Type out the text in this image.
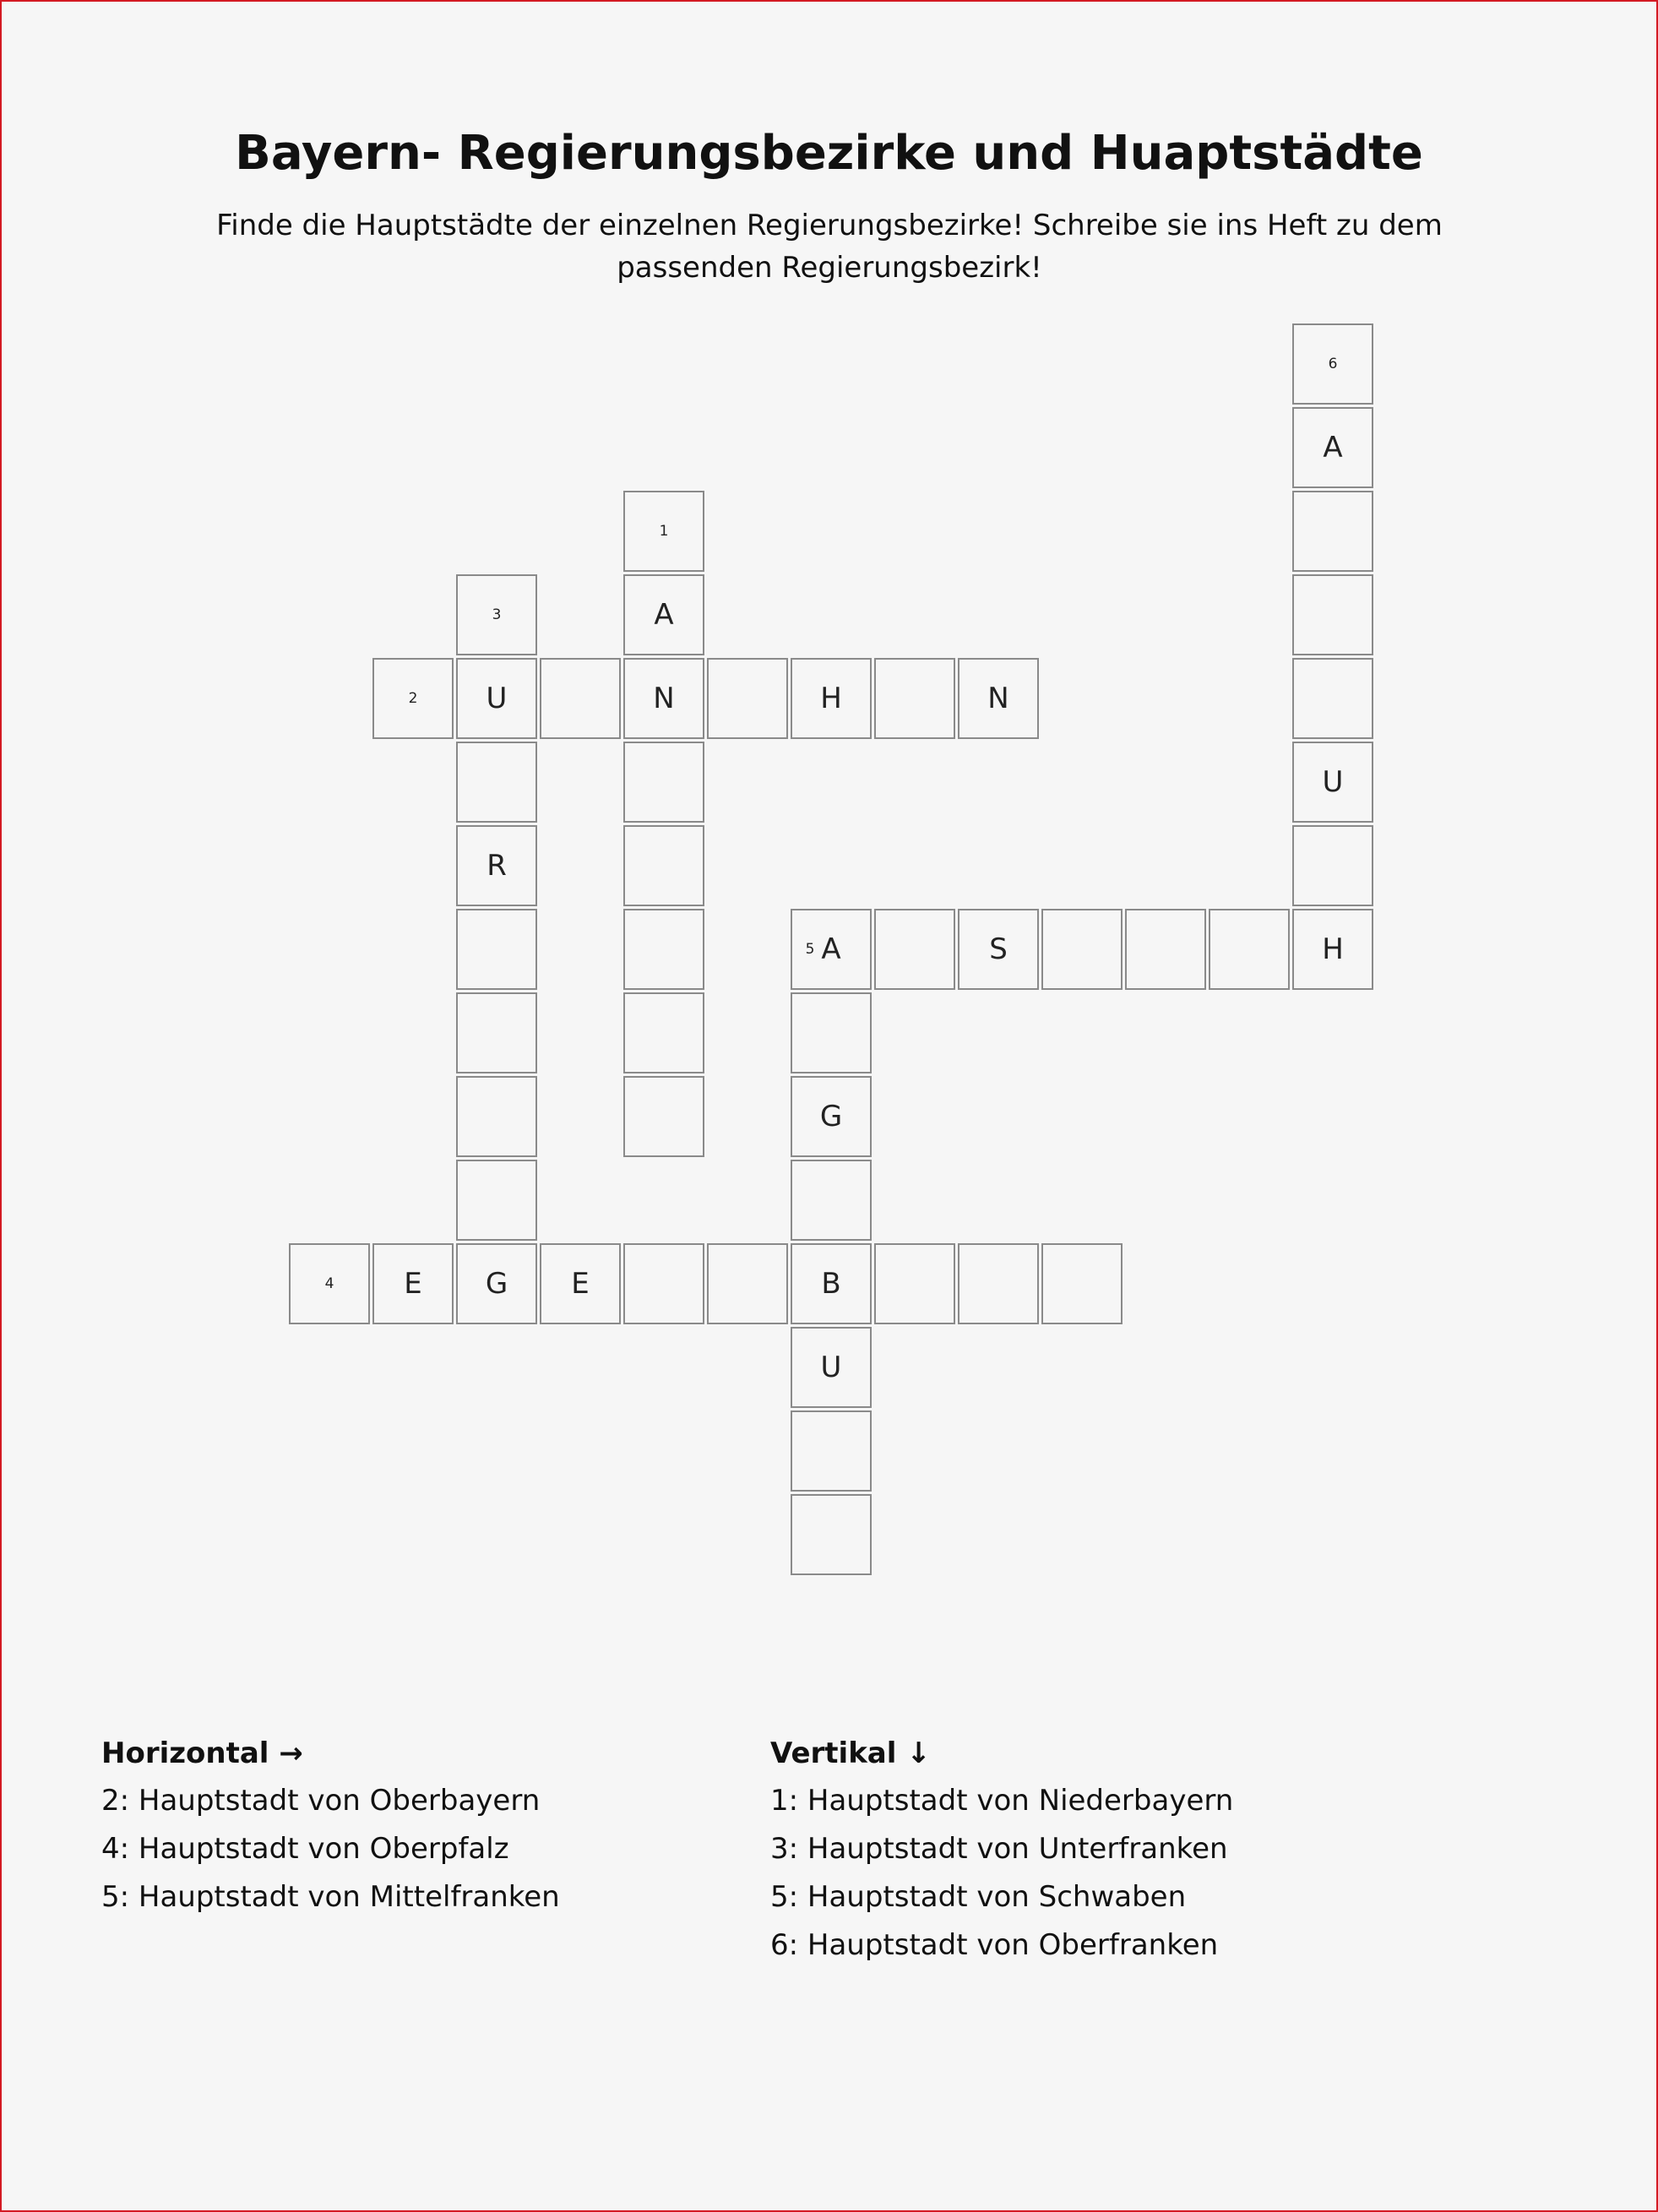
Bayern- Regierungsbezirke und Huaptstädte

Finde die Hauptstädte der einzelnen Regierungsbezirke! Schreibe sie ins Heft zu dem passenden Regierungsbezirk!

6
A
1
3	A
2	U	N	H	N
U
R
5 A	S	H
G
4	E	G	E	B
U

Horizontal →

2: Hauptstadt von Oberbayern

4: Hauptstadt von Oberpfalz

5: Hauptstadt von Mittelfranken

Vertikal ↓

1: Hauptstadt von Niederbayern

3: Hauptstadt von Unterfranken

5: Hauptstadt von Schwaben

6: Hauptstadt von Oberfranken
